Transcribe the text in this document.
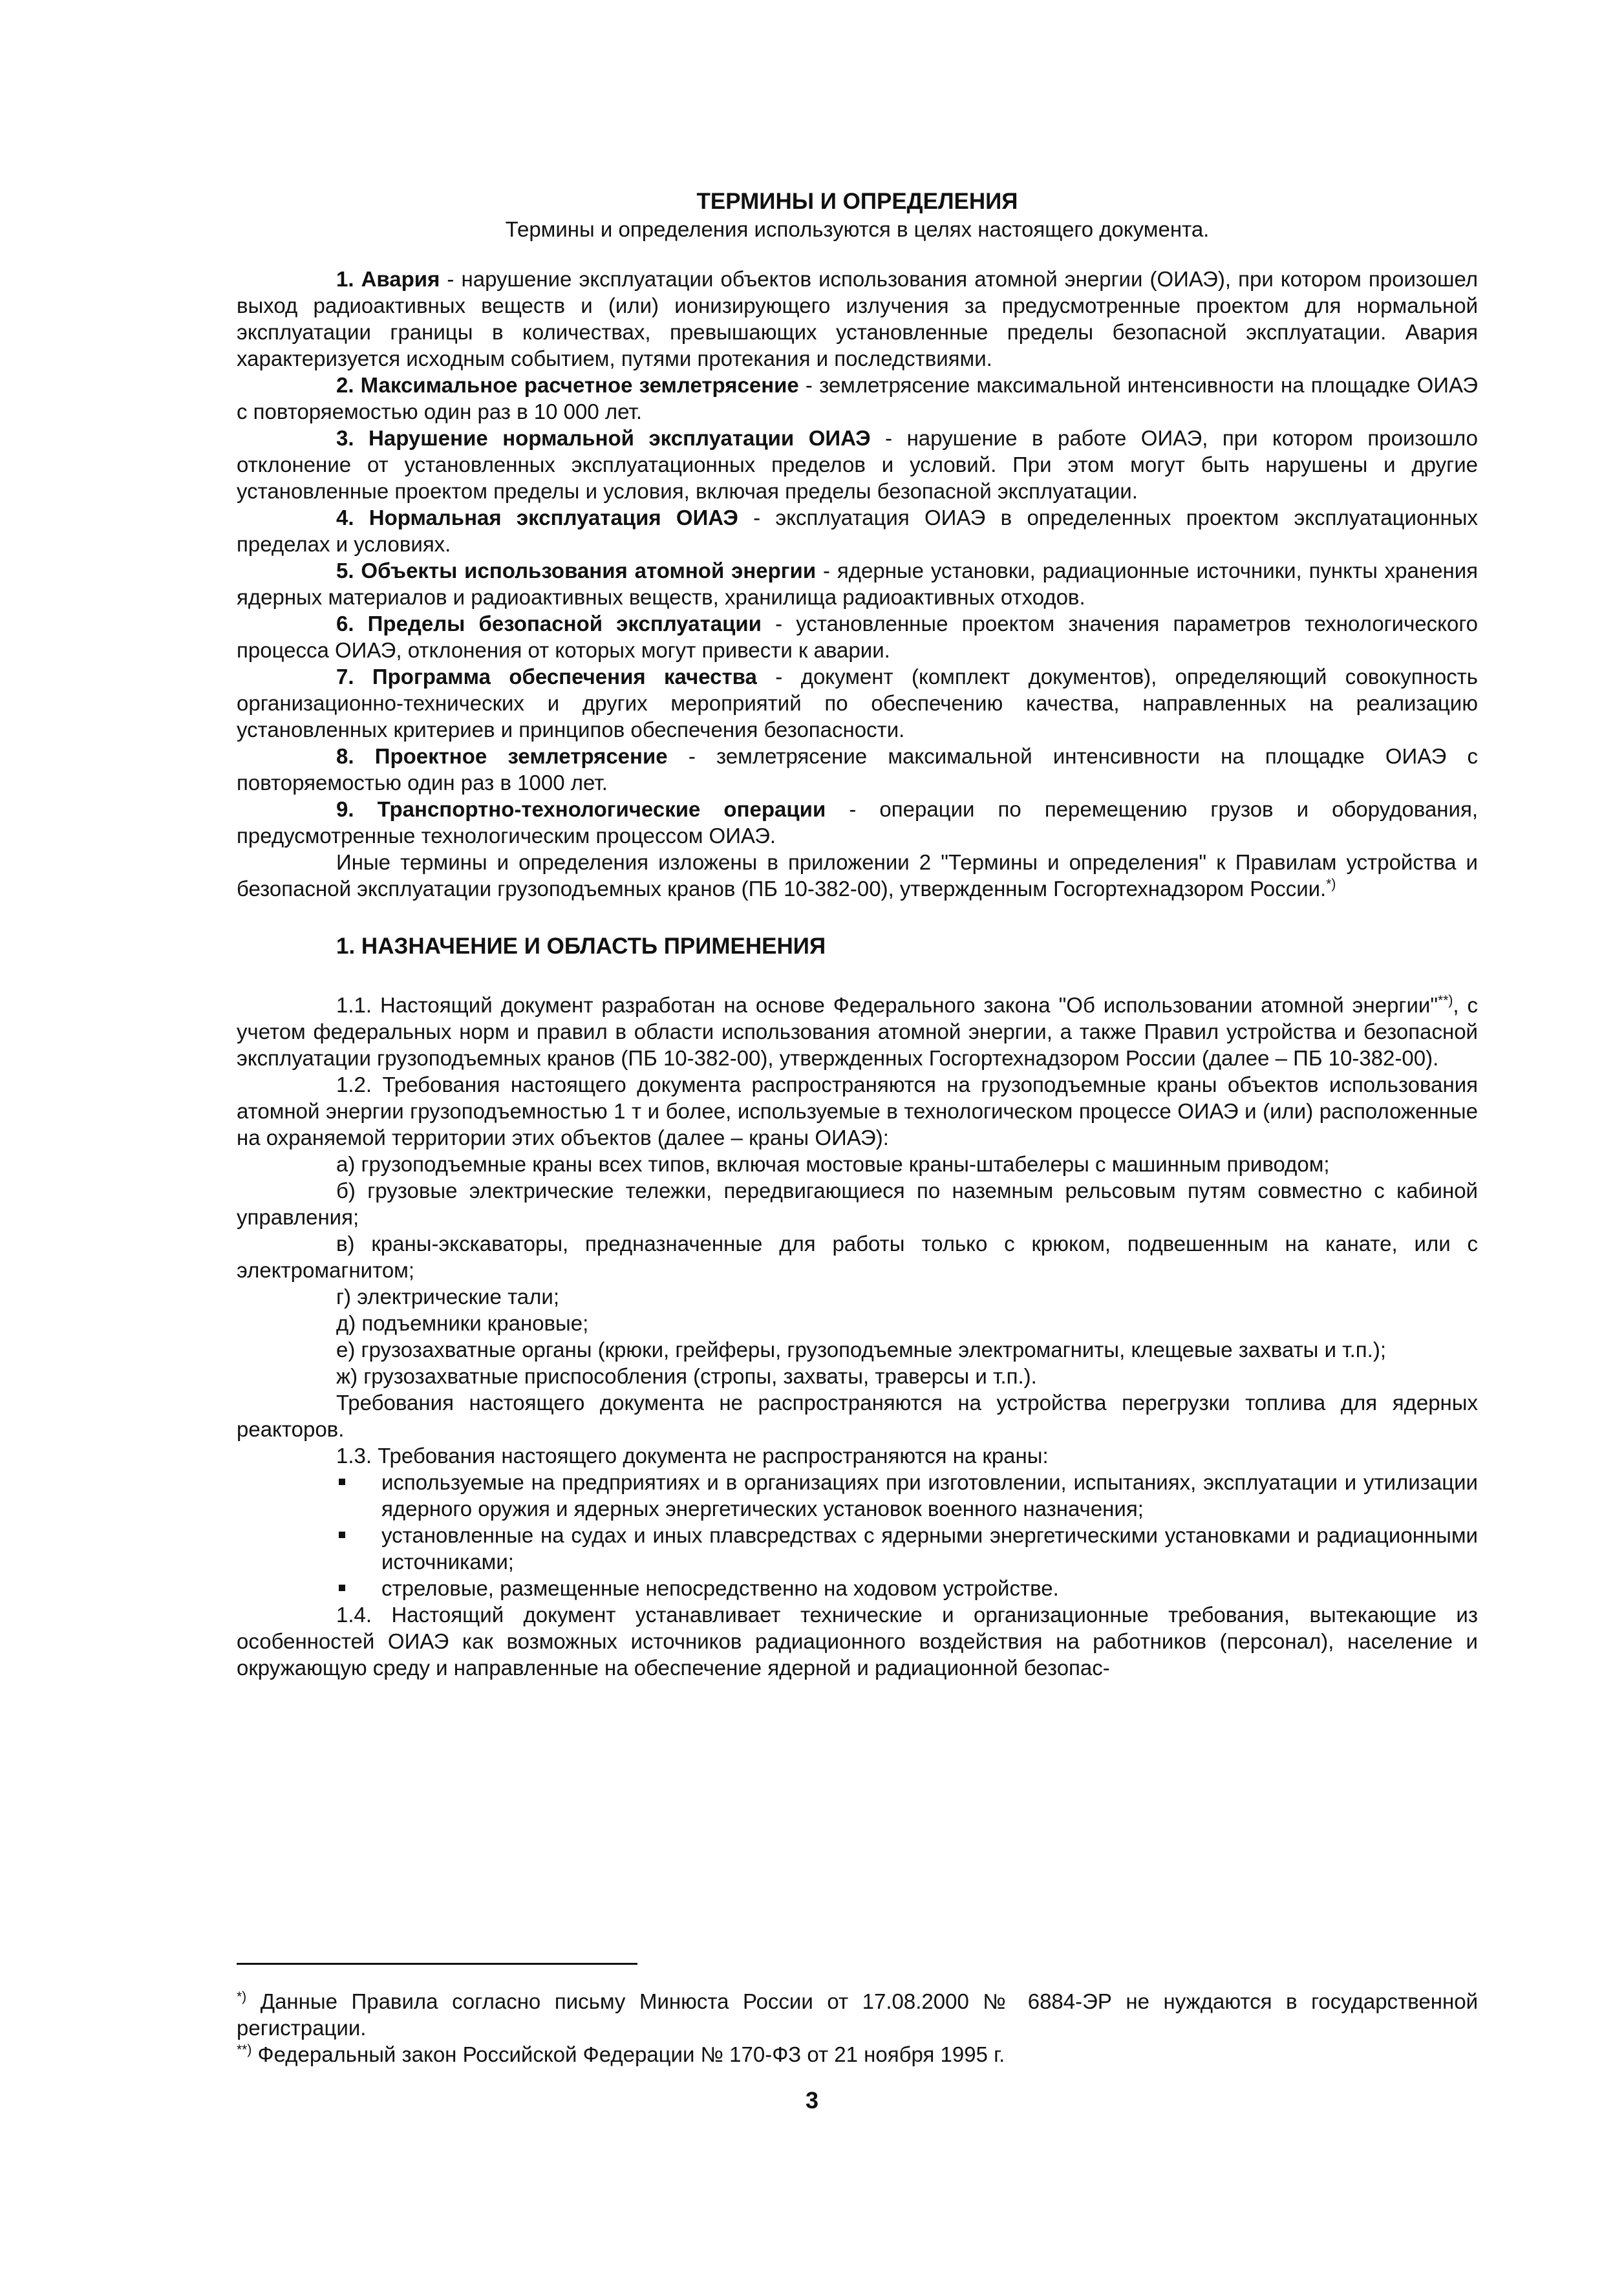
ТЕРМИНЫ И ОПРЕДЕЛЕНИЯ

Термины и определения используются в целях настоящего документа.

1. Авария - нарушение эксплуатации объектов использования атомной энергии (ОИАЭ), при котором произошел выход радиоактивных веществ и (или) ионизирующего излучения за предусмотренные проектом для нормальной эксплуатации границы в количествах, превышающих установленные пределы безопасной эксплуатации. Авария характеризуется исходным событием, путями протекания и последствиями.

2. Максимальное расчетное землетрясение - землетрясение максимальной интенсивности на площадке ОИАЭ с повторяемостью один раз в 10 000 лет.

3. Нарушение нормальной эксплуатации ОИАЭ - нарушение в работе ОИАЭ, при котором произошло отклонение от установленных эксплуатационных пределов и условий. При этом могут быть нарушены и другие установленные проектом пределы и условия, включая пределы безопасной эксплуатации.

4. Нормальная эксплуатация ОИАЭ - эксплуатация ОИАЭ в определенных проектом эксплуатационных пределах и условиях.

5. Объекты использования атомной энергии - ядерные установки, радиационные источники, пункты хранения ядерных материалов и радиоактивных веществ, хранилища радиоактивных отходов.

6. Пределы безопасной эксплуатации - установленные проектом значения параметров технологического процесса ОИАЭ, отклонения от которых могут привести к аварии.

7. Программа обеспечения качества - документ (комплект документов), определяющий совокупность организационно-технических и других мероприятий по обеспечению качества, направленных на реализацию установленных критериев и принципов обеспечения безопасности.

8. Проектное землетрясение - землетрясение максимальной интенсивности на площадке ОИАЭ с повторяемостью один раз в 1000 лет.

9. Транспортно-технологические операции - операции по перемещению грузов и оборудования, предусмотренные технологическим процессом ОИАЭ.

Иные термины и определения изложены в приложении 2 "Термины и определения" к Правилам устройства и безопасной эксплуатации грузоподъемных кранов (ПБ 10-382-00), утвержденным Госгортехнадзором России.*)

1. НАЗНАЧЕНИЕ И ОБЛАСТЬ ПРИМЕНЕНИЯ

1.1. Настоящий документ разработан на основе Федерального закона "Об использовании атомной энергии"**), с учетом федеральных норм и правил в области использования атомной энергии, а также Правил устройства и безопасной эксплуатации грузоподъемных кранов (ПБ 10-382-00), утвержденных Госгортехнадзором России (далее – ПБ 10-382-00).

1.2. Требования настоящего документа распространяются на грузоподъемные краны объектов использования атомной энергии грузоподъемностью 1 т и более, используемые в технологическом процессе ОИАЭ и (или) расположенные на охраняемой территории этих объектов (далее – краны ОИАЭ):

а) грузоподъемные краны всех типов, включая мостовые краны-штабелеры с машинным приводом;

б) грузовые электрические тележки, передвигающиеся по наземным рельсовым путям совместно с кабиной управления;

в) краны-экскаваторы, предназначенные для работы только с крюком, подвешенным на канате, или с электромагнитом;

г) электрические тали;

д) подъемники крановые;

е) грузозахватные органы (крюки, грейферы, грузоподъемные электромагниты, клещевые захваты и т.п.);

ж) грузозахватные приспособления (стропы, захваты, траверсы и т.п.).

Требования настоящего документа не распространяются на устройства перегрузки топлива для ядерных реакторов.

1.3. Требования настоящего документа не распространяются на краны:

используемые на предприятиях и в организациях при изготовлении, испытаниях, эксплуатации и утилизации ядерного оружия и ядерных энергетических установок военного назначения;
установленные на судах и иных плавсредствах с ядерными энергетическими установками и радиационными источниками;
стреловые, размещенные непосредственно на ходовом устройстве.

1.4. Настоящий документ устанавливает технические и организационные требования, вытекающие из особенностей ОИАЭ как возможных источников радиационного воздействия на работников (персонал), население и окружающую среду и направленные на обеспечение ядерной и радиационной безопас-

*) Данные Правила согласно письму Минюста России от 17.08.2000 № 6884-ЭР не нуждаются в государственной регистрации.

**) Федеральный закон Российской Федерации № 170-ФЗ от 21 ноября 1995 г.

3
